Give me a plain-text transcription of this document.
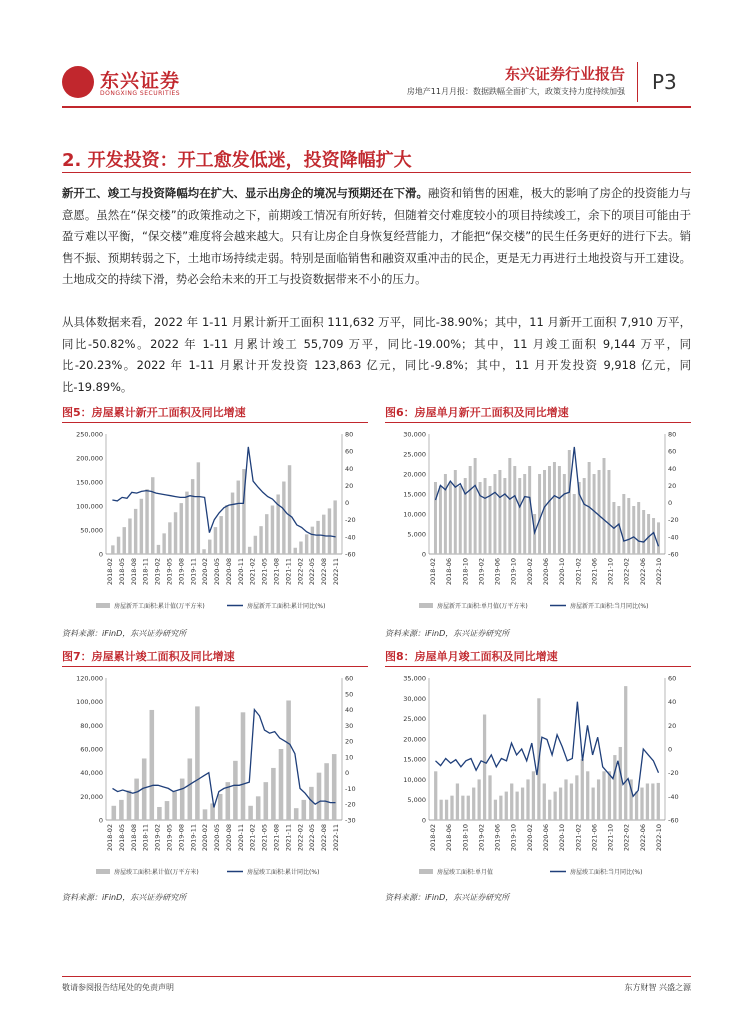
东兴证券
DONGXING SECURITIES
东兴证券行业报告
房地产11月月报：数据跌幅全面扩大，政策支持力度持续加强 P3
2. 开发投资：开工愈发低迷，投资降幅扩大

新开工、竣工与投资降幅均在扩大、显示出房企的境况与预期还在下滑。融资和销售的困难，极大的影响了房企的投资能力与意愿。虽然在“保交楼”的政策推动之下，前期竣工情况有所好转，但随着交付难度较小的项目持续竣工，余下的项目可能由于盈亏难以平衡，“保交楼”难度将会越来越大。只有让房企自身恢复经营能力，才能把“保交楼”的民生任务更好的进行下去。销售不振、预期转弱之下，土地市场持续走弱。特别是面临销售和融资双重冲击的民企，更是无力再进行土地投资与开工建设。土地成交的持续下滑，势必会给未来的开工与投资数据带来不小的压力。

从具体数据来看，2022 年 1-11 月累计新开工面积 111,632 万平，同比-38.90%；其中，11 月新开工面积 7,910 万平，同比-50.82%。2022 年 1-11 月累计竣工 55,709 万平，同比-19.00%；其中，11 月竣工面积 9,144 万平，同比-20.23%。2022 年 1-11 月累计开发投资 123,863 亿元，同比-9.8%；其中，11 月开发投资 9,918 亿元，同比-19.89%。

图5：房屋累计新开工面积及同比增速
0
50,000
100,000
150,000
200,000
250,000
-60
-40
-20
0
20
40
60
80
2018-02 2018-05 2018-08 2018-11 2019-02 2019-05 2019-08 2019-11 2020-02 2020-05 2020-08 2020-11 2021-02 2021-05 2021-08 2021-11 2022-02 2022-05 2022-08 2022-11
房屋新开工面积:累计值(万平方米)	房屋新开工面积:累计同比(%)
资料来源：iFinD，东兴证券研究所
图6：房屋单月新开工面积及同比增速
0
5,000
10,000
15,000
20,000
25,000
30,000
-60
-40
-20
0
20
40
60
80
2018-02 2018-06 2018-10 2019-02 2019-06 2019-10 2020-02 2020-06 2020-10 2021-02 2021-06 2021-10 2022-02 2022-06 2022-10
房屋新开工面积:单月值(万平方米)	房屋新开工面积:当月同比(%)
资料来源：iFinD，东兴证券研究所
图7：房屋累计竣工面积及同比增速
0
20,000
40,000
60,000
80,000
100,000
120,000
-30
-20
-10
0
10
20
30
40
50
60
2018-02 2018-05 2018-08 2018-11 2019-02 2019-05 2019-08 2019-11 2020-02 2020-05 2020-08 2020-11 2021-02 2021-05 2021-08 2021-11 2022-02 2022-05 2022-08 2022-11
房屋竣工面积:累计值(万平方米)	房屋竣工面积:累计同比(%)
资料来源：iFinD，东兴证券研究所
图8：房屋单月竣工面积及同比增速
0
5,000
10,000
15,000
20,000
25,000
30,000
35,000
-60
-40
-20
0
20
40
60
2018-02 2018-06 2018-10 2019-02 2019-06 2019-10 2020-02 2020-06 2020-10 2021-02 2021-06 2021-10 2022-02 2022-06 2022-10
房屋竣工面积:单月值	房屋竣工面积:当月同比(%)
资料来源：iFinD，东兴证券研究所
敬请参阅报告结尾处的免责声明	东方财智 兴盛之源
